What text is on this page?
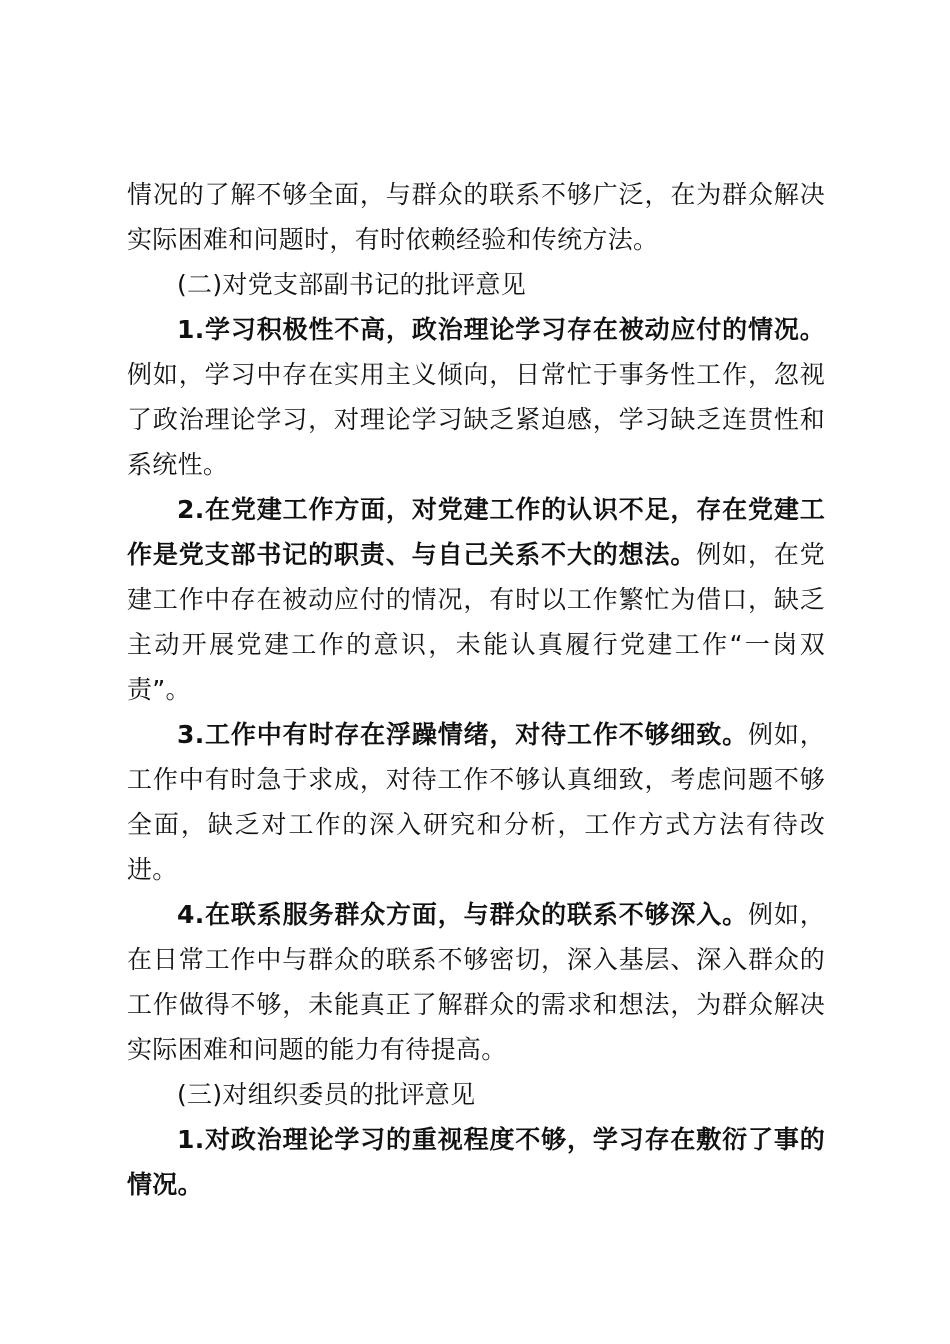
情况的了解不够全面，与群众的联系不够广泛，在为群众解决实际困难和问题时，有时依赖经验和传统方法。

(二)对党支部副书记的批评意见

1.学习积极性不高，政治理论学习存在被动应付的情况。例如，学习中存在实用主义倾向，日常忙于事务性工作，忽视了政治理论学习，对理论学习缺乏紧迫感，学习缺乏连贯性和系统性。

2.在党建工作方面，对党建工作的认识不足，存在党建工作是党支部书记的职责、与自己关系不大的想法。例如，在党建工作中存在被动应付的情况，有时以工作繁忙为借口，缺乏主动开展党建工作的意识，未能认真履行党建工作“一岗双责”。

3.工作中有时存在浮躁情绪，对待工作不够细致。例如，工作中有时急于求成，对待工作不够认真细致，考虑问题不够全面，缺乏对工作的深入研究和分析，工作方式方法有待改进。

4.在联系服务群众方面，与群众的联系不够深入。例如，在日常工作中与群众的联系不够密切，深入基层、深入群众的工作做得不够，未能真正了解群众的需求和想法，为群众解决实际困难和问题的能力有待提高。

(三)对组织委员的批评意见

1.对政治理论学习的重视程度不够，学习存在敷衍了事的情况。
